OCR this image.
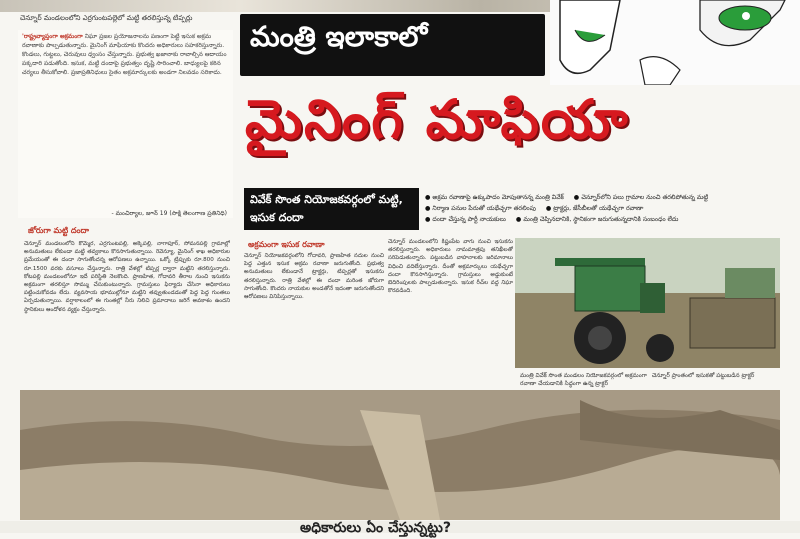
చెన్నూర్ మండలంలోని ఎర్రగుంటపల్లెలో మట్టి తరలిస్తున్న టిప్పర్లు

'రాష్ట్రవ్యాప్తంగా అక్రమంగా నిఘా ప్రజల ప్రయోజనాలను పణంగా పెట్టి ఇసుక అక్రమ రవాణాకు పాల్పడుతున్నారు. మైనింగ్ మాఫియాకు కొందరు అధికారులు సహకరిస్తున్నారు. కొండలు, గుట్టలు, చెరువులు ధ్వంసం చేస్తున్నారు. ప్రభుత్వ ఖజానాకు రావాల్సిన ఆదాయం పక్కదారి పడుతోంది. ఇసుక, మట్టి దందాపై ప్రభుత్వం దృష్టి సారించాలి. బాధ్యులపై కఠిన చర్యలు తీసుకోవాలి. ప్రజాప్రతినిధులు సైతం అక్రమార్కులకు అండగా నిలవడం సరికాదు.

- మంచిర్యాల, జూన్ 19 (సాక్షి తెలంగాణ ప్రతినిధి)
మంత్రి ఇలాకాలో
మైనింగ్ మాఫియా
వివేక్ సొంత నియోజకవర్గంలో మట్టి, ఇసుక దందా
● అక్రమ రవాణాపై ఉక్కుపాదం మోపుతానన్న మంత్రి వివేక్ ● చెన్నూర్‌లోని పలు గ్రామాల నుంచి తరలిపోతున్న మట్టి
● నిర్మాణ పనుల పేరుతో యథేచ్ఛగా తరలింపు ● ట్రాక్టర్లు, జేసీబీలతో యథేచ్ఛగా రవాణా
● దందా చేస్తున్న పార్టీ నాయకులు ● మంత్రి చెప్పినదానికి, స్థానికంగా జరుగుతున్నదానికి సంబంధం లేదు
జోరుగా మట్టి దందా
చెన్నూర్ మండలంలోని కొమ్మెర, ఎర్రగుంటపల్లి, అక్కెపల్లి, నాగాపూర్, సోమనపల్లి గ్రామాల్లో అనుమతులు లేకుండా మట్టి తవ్వకాలు కొనసాగుతున్నాయి. రెవెన్యూ, మైనింగ్ శాఖ అధికారుల ప్రమేయంతో ఈ దందా సాగుతోందన్న ఆరోపణలు ఉన్నాయి. ఒక్కో ట్రిప్పుకు రూ.800 నుంచి రూ.1500 వరకు వసూలు చేస్తున్నారు. రాత్రి వేళల్లో టిప్పర్ల ద్వారా మట్టిని తరలిస్తున్నారు. కోటపల్లి మండలంలోనూ ఇదే పరిస్థితి నెలకొంది. ప్రాణహిత, గోదావరి తీరాల నుంచి ఇసుకను అక్రమంగా తరలిస్తూ సొమ్ము చేసుకుంటున్నారు. గ్రామస్తులు ఫిర్యాదు చేసినా అధికారులు పట్టించుకోవడం లేదు. వ్యవసాయ భూముల్లోనూ మట్టిని తవ్వుతుండడంతో పెద్ద పెద్ద గుంతలు ఏర్పడుతున్నాయి. వర్షాకాలంలో ఈ గుంతల్లో నీరు నిలిచి ప్రమాదాలు జరిగే అవకాశం ఉందని స్థానికులు ఆందోళన వ్యక్తం చేస్తున్నారు.
అక్రమంగా ఇసుక రవాణా
చెన్నూర్ నియోజకవర్గంలోని గోదావరి, ప్రాణహిత నదుల నుంచి పెద్ద ఎత్తున ఇసుక అక్రమ రవాణా జరుగుతోంది. ప్రభుత్వ అనుమతులు లేకుండానే ట్రాక్టర్లు, టిప్పర్లతో ఇసుకను తరలిస్తున్నారు. రాత్రి వేళల్లో ఈ దందా మరింత జోరుగా సాగుతోంది. కొందరు నాయకుల అండతోనే ఇదంతా జరుగుతోందని ఆరోపణలు వినిపిస్తున్నాయి.
చెన్నూర్ మండలంలోని కిష్టంపేట వాగు నుంచి ఇసుకను తరలిస్తున్నారు. అధికారులు నామమాత్రపు తనిఖీలతో సరిపెడుతున్నారు. పట్టుబడిన వాహనాలకు జరిమానాలు విధించి వదిలేస్తున్నారు. దీంతో అక్రమార్కులు యథేచ్ఛగా దందా కొనసాగిస్తున్నారు. గ్రామస్తులు అడ్డుకుంటే బెదిరింపులకు పాల్పడుతున్నారు. ఇసుక రీచ్‌ల వద్ద నిఘా కొరవడింది.
మంత్రి వివేక్ సొంత మండలం నియోజకవర్గంలో అక్రమంగా రవాణా చేయడానికి సిద్ధంగా ఉన్న ట్రాక్టర్ చెన్నూర్ ప్రాంతంలో ఇసుకతో పట్టుబడిన ట్రాక్టర్
అధికారులు ఏం చేస్తున్నట్టు?
